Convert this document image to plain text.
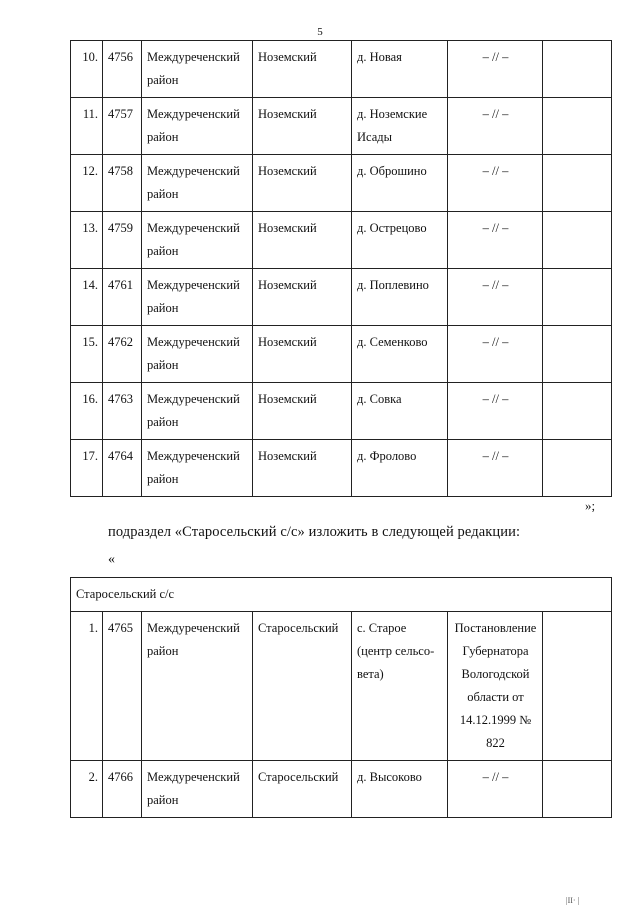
5
10.	4756	Междуреченский район	Ноземский	д. Новая	– // –	
11.	4757	Междуреченский район	Ноземский	д. Ноземские Исады	– // –	
12.	4758	Междуреченский район	Ноземский	д. Оброшино	– // –	
13.	4759	Междуреченский район	Ноземский	д. Острецово	– // –	
14.	4761	Междуреченский район	Ноземский	д. Поплевино	– // –	
15.	4762	Междуреченский район	Ноземский	д. Семенково	– // –	
16.	4763	Междуреченский район	Ноземский	д. Совка	– // –	
17.	4764	Междуреченский район	Ноземский	д. Фролово	– // –	
»;
подраздел «Старосельский с/с» изложить в следующей редакции:
«
Старосельский с/с						
1.	4765	Междуреченский район	Старосельский	с. Старое (центр сельсо-вета)	Постановление Губернатора Вологодской области от 14.12.1999 № 822	
2.	4766	Междуреченский район	Старосельский	д. Высоково	– // –	
|II· |
